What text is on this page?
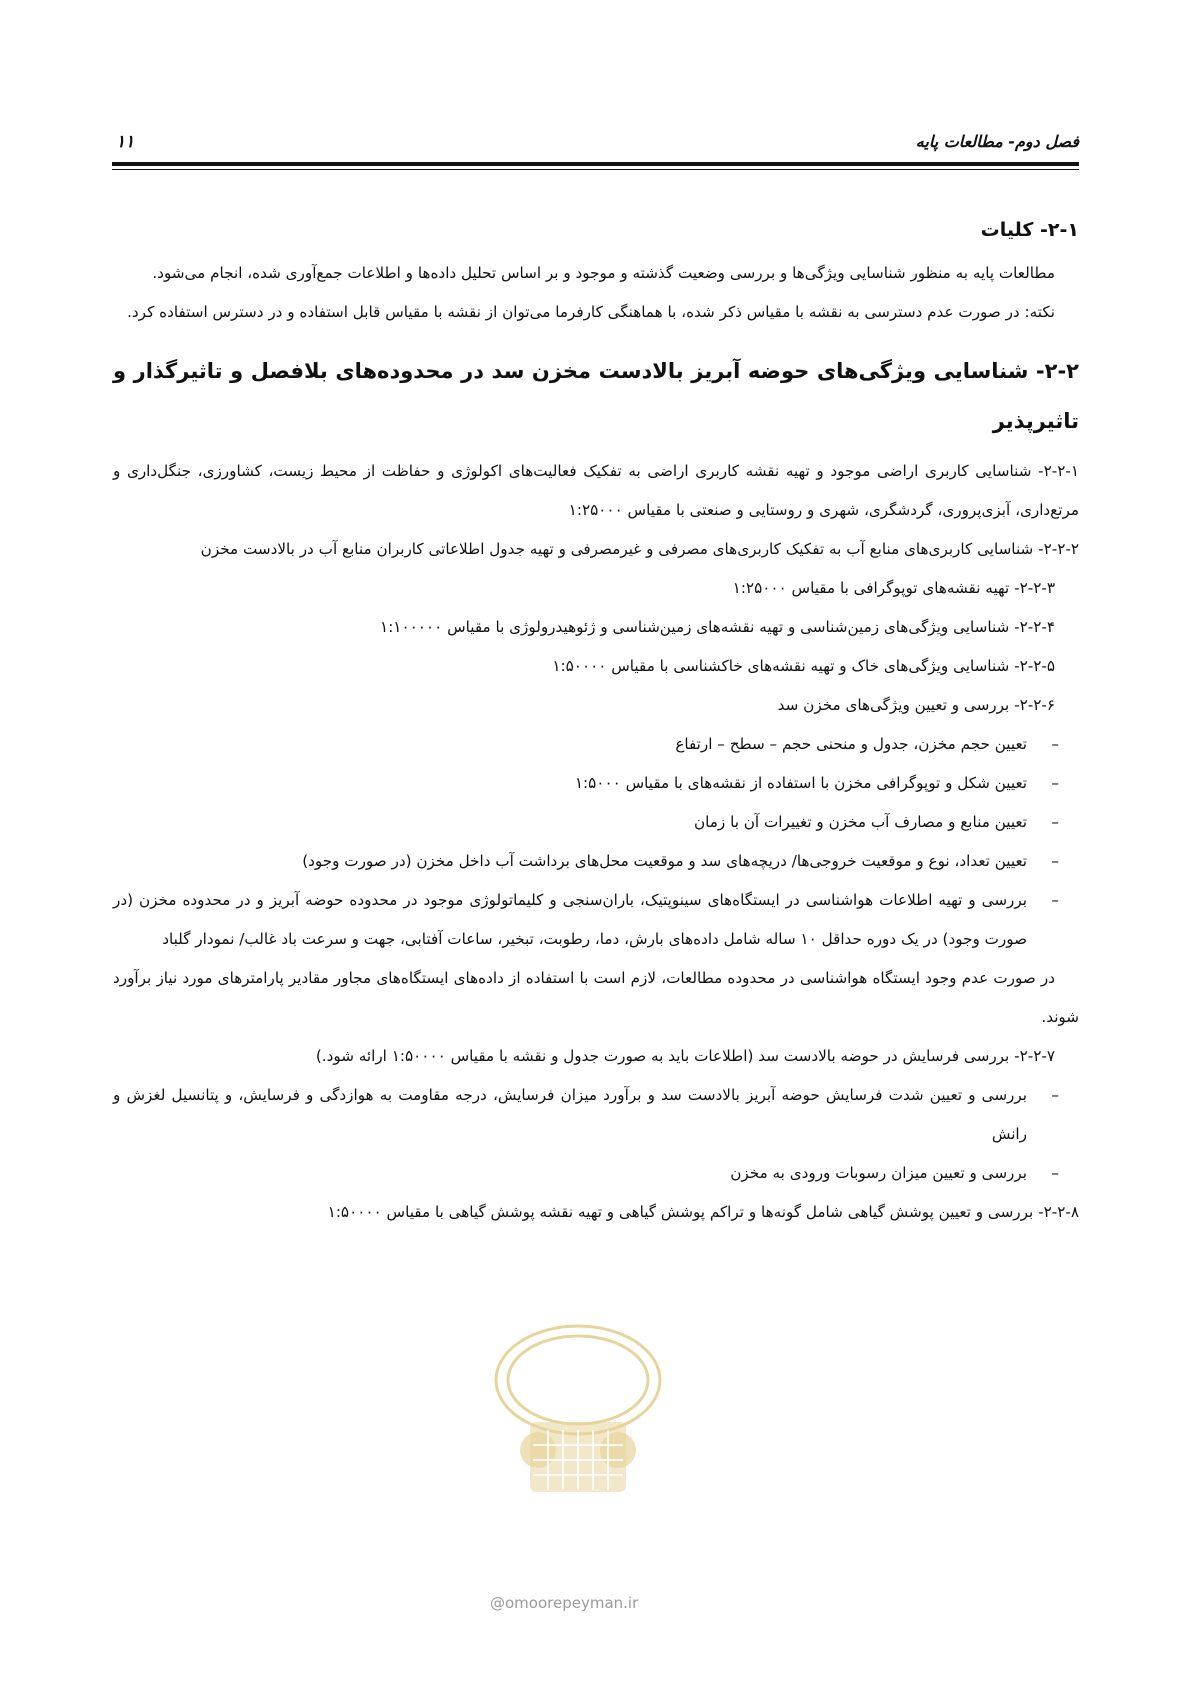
فصل دوم- مطالعات پایه
۱۱
۲-۱- کلیات

مطالعات پایه به منظور شناسایی ویژگی‌ها و بررسی وضعیت گذشته و موجود و بر اساس تحلیل داده‌ها و اطلاعات جمع‌آوری شده، انجام می‌شود.

نکته: در صورت عدم دسترسی به نقشه با مقیاس ذکر شده، با هماهنگی کارفرما می‌توان از نقشه با مقیاس قابل استفاده و در دسترس استفاده کرد.

۲-۲- شناسایی ویژگی‌های حوضه آبریز بالادست مخزن سد در محدوده‌های بلافصل و تاثیرگذار و تاثیرپذیر

۲-۲-۱- شناسایی کاربری اراضی موجود و تهیه نقشه کاربری اراضی به تفکیک فعالیت‌های اکولوژی و حفاظت از محیط زیست، کشاورزی، جنگل‌داری و مرتع‌داری، آبزی‌پروری، گردشگری، شهری و روستایی و صنعتی با مقیاس ۱:۲۵۰۰۰

۲-۲-۲- شناسایی کاربری‌های منابع آب به تفکیک کاربری‌های مصرفی و غیرمصرفی و تهیه جدول اطلاعاتی کاربران منابع آب در بالادست مخزن

۲-۲-۳- تهیه نقشه‌های توپوگرافی با مقیاس ۱:۲۵۰۰۰

۲-۲-۴- شناسایی ویژگی‌های زمین‌شناسی و تهیه نقشه‌های زمین‌شناسی و ژئوهیدرولوژی با مقیاس ۱:۱۰۰۰۰۰

۲-۲-۵- شناسایی ویژگی‌های خاک و تهیه نقشه‌های خاکشناسی با مقیاس ۱:۵۰۰۰۰

۲-۲-۶- بررسی و تعیین ویژگی‌های مخزن سد

–
تعیین حجم مخزن، جدول و منحنی حجم – سطح – ارتفاع
–
تعیین شکل و توپوگرافی مخزن با استفاده از نقشه‌های با مقیاس ۱:۵۰۰۰
–
تعیین منابع و مصارف آب مخزن و تغییرات آن با زمان
–
تعیین تعداد، نوع و موقعیت خروجی‌ها/ دریچه‌های سد و موقعیت محل‌های برداشت آب داخل مخزن (در صورت وجود)
–
بررسی و تهیه اطلاعات هواشناسی در ایستگاه‌های سینوپتیک، باران‌سنجی و کلیماتولوژی موجود در محدوده حوضه آبریز و در محدوده مخزن (در صورت وجود) در یک دوره حداقل ۱۰ ساله شامل داده‌های بارش، دما، رطوبت، تبخیر، ساعات آفتابی، جهت و سرعت باد غالب/ نمودار گلباد

در صورت عدم وجود ایستگاه هواشناسی در محدوده مطالعات، لازم است با استفاده از داده‌های ایستگاه‌های مجاور مقادیر پارامترهای مورد نیاز برآورد شوند.

۲-۲-۷- بررسی فرسایش در حوضه بالادست سد (اطلاعات باید به صورت جدول و نقشه با مقیاس ۱:۵۰۰۰۰ ارائه شود.)

–
بررسی و تعیین شدت فرسایش حوضه آبریز بالادست سد و برآورد میزان فرسایش، درجه مقاومت به هوازدگی و فرسایش، و پتانسیل لغزش و رانش
–
بررسی و تعیین میزان رسوبات ورودی به مخزن

۲-۲-۸- بررسی و تعیین پوشش گیاهی شامل گونه‌ها و تراکم پوشش گیاهی و تهیه نقشه پوشش گیاهی با مقیاس ۱:۵۰۰۰۰

@omoorepeyman.ir
